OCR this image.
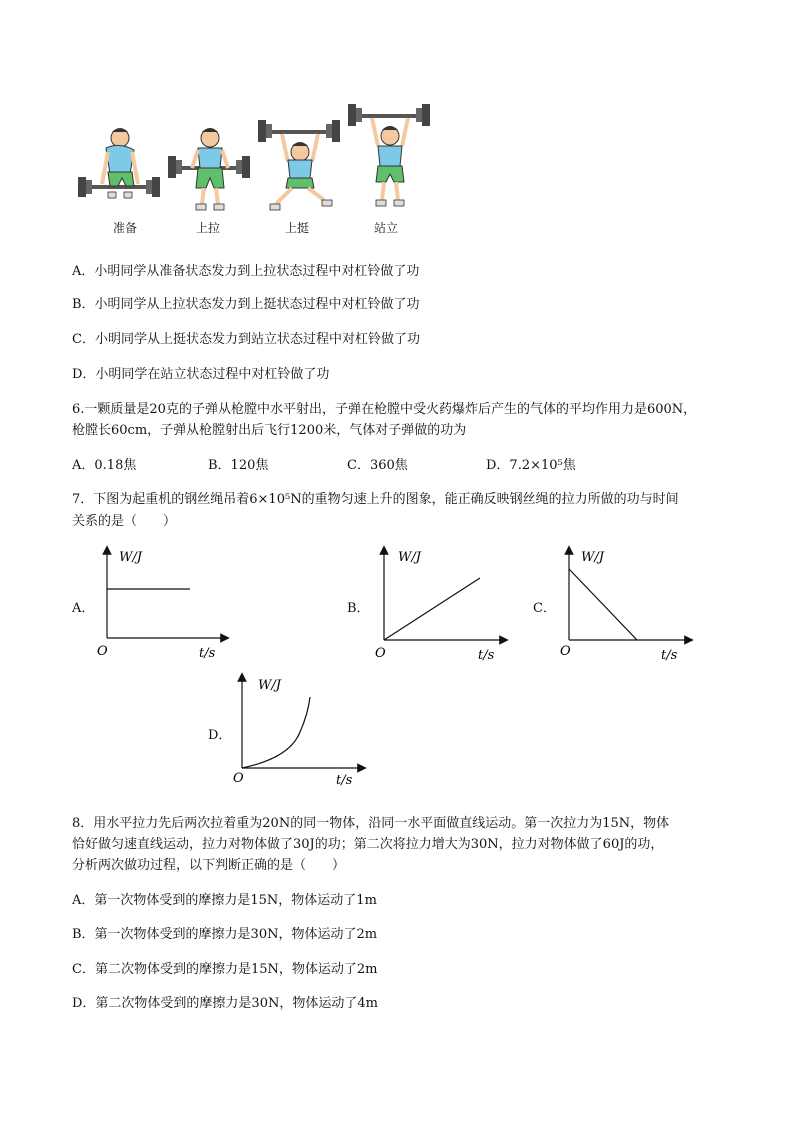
准备	上拉	上挺	站立
A．小明同学从准备状态发力到上拉状态过程中对杠铃做了功
B．小明同学从上拉状态发力到上挺状态过程中对杠铃做了功
C．小明同学从上挺状态发力到站立状态过程中对杠铃做了功
D．小明同学在站立状态过程中对杠铃做了功
6.一颗质量是20克的子弹从枪膛中水平射出，子弹在枪膛中受火药爆炸后产生的气体的平均作用力是600N，
枪膛长60cm，子弹从枪膛射出后飞行1200米，气体对子弹做的功为
A．0.18焦	B．120焦	C．360焦	D．7.2×10⁵焦
7．下图为起重机的钢丝绳吊着6×10⁵N的重物匀速上升的图象，能正确反映钢丝绳的拉力所做的功与时间
关系的是（　　）
A．
W/J
O	t/s
B．
W/J
O	t/s
C．
W/J
O	t/s
D．
W/J
O	t/s
8．用水平拉力先后两次拉着重为20N的同一物体，沿同一水平面做直线运动。第一次拉力为15N，物体
恰好做匀速直线运动，拉力对物体做了30J的功；第二次将拉力增大为30N，拉力对物体做了60J的功，
分析两次做功过程，以下判断正确的是（　　）
A．第一次物体受到的摩擦力是15N，物体运动了1m
B．第一次物体受到的摩擦力是30N，物体运动了2m
C．第二次物体受到的摩擦力是15N，物体运动了2m
D．第二次物体受到的摩擦力是30N，物体运动了4m
